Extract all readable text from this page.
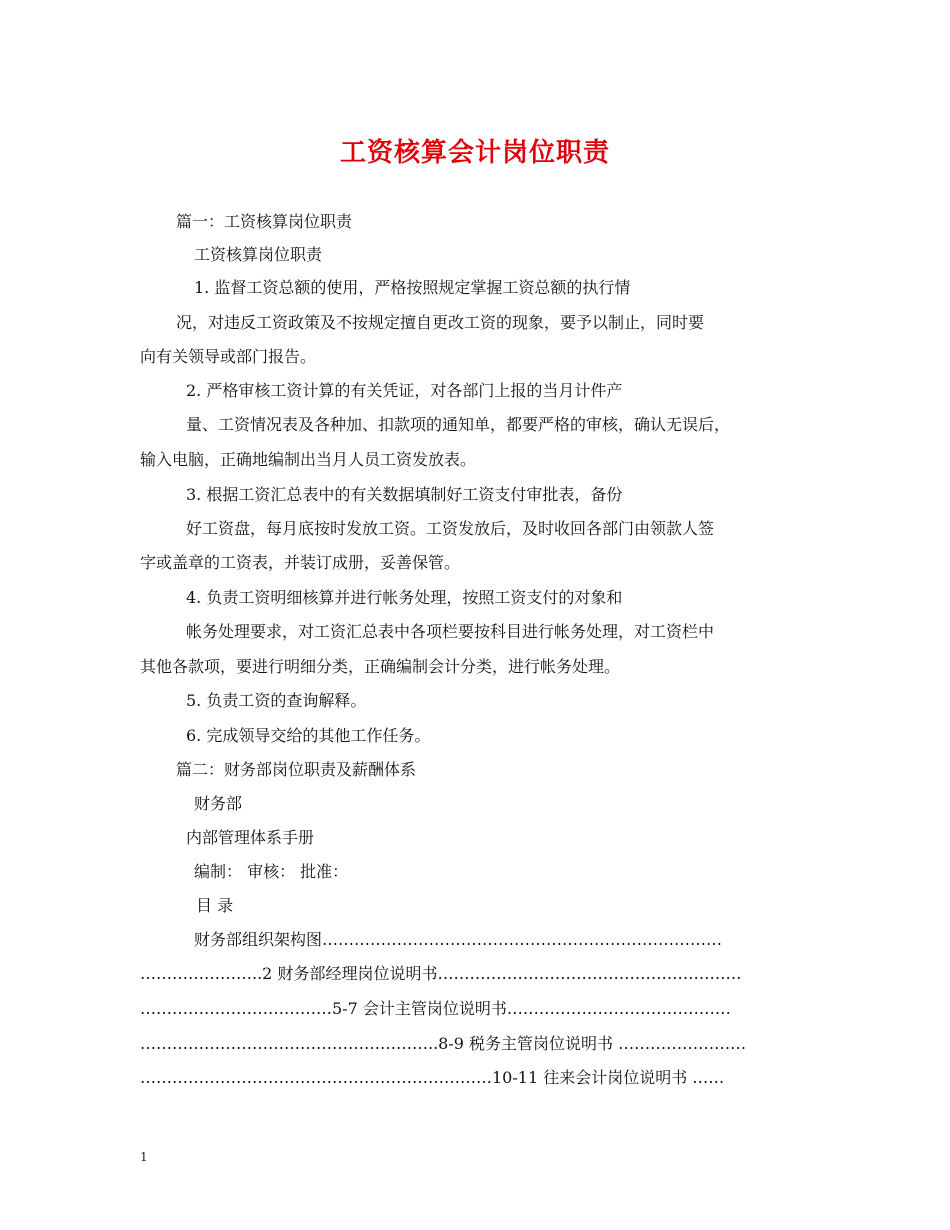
工资核算会计岗位职责
篇一：工资核算岗位职责
工资核算岗位职责
1. 监督工资总额的使用，严格按照规定掌握工资总额的执行情
况，对违反工资政策及不按规定擅自更改工资的现象，要予以制止，同时要
向有关领导或部门报告。
2. 严格审核工资计算的有关凭证，对各部门上报的当月计件产
量、工资情况表及各种加、扣款项的通知单，都要严格的审核，确认无误后，
输入电脑，正确地编制出当月人员工资发放表。
3. 根据工资汇总表中的有关数据填制好工资支付审批表，备份
好工资盘，每月底按时发放工资。工资发放后，及时收回各部门由领款人签
字或盖章的工资表，并装订成册，妥善保管。
4. 负责工资明细核算并进行帐务处理，按照工资支付的对象和
帐务处理要求，对工资汇总表中各项栏要按科目进行帐务处理，对工资栏中
其他各款项，要进行明细分类，正确编制会计分类，进行帐务处理。
5. 负责工资的查询解释。
6. 完成领导交给的其他工作任务。
篇二：财务部岗位职责及薪酬体系
财务部
内部管理体系手册
编制： 审核： 批准：
目 录
财务部组织架构图…………………………………………………………………
…………………..2 财务部经理岗位说明书…………………………………………………
………………………………5-7 会计主管岗位说明书……………………………………
………………………………………………..8-9 税务主管岗位说明书 ……………………
…………………………………………………………10-11 往来会计岗位说明书 ……
1
